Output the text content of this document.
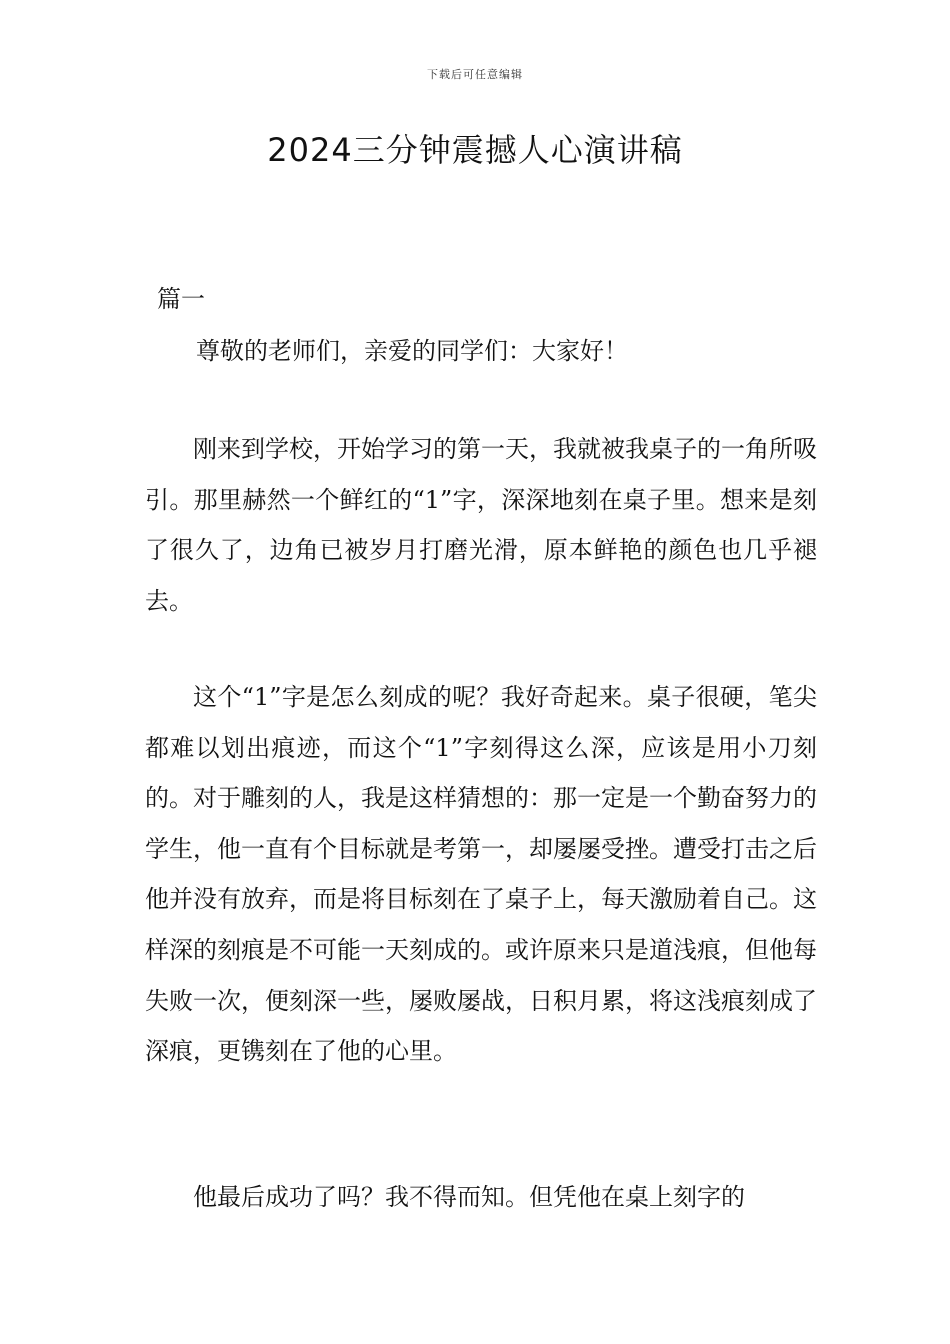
下载后可任意编辑
2024三分钟震撼人心演讲稿
篇一
尊敬的老师们，亲爱的同学们：大家好！

刚来到学校，开始学习的第一天，我就被我桌子的一角所吸引。那里赫然一个鲜红的“1”字，深深地刻在桌子里。想来是刻了很久了，边角已被岁月打磨光滑，原本鲜艳的颜色也几乎褪去。

这个“1”字是怎么刻成的呢？我好奇起来。桌子很硬，笔尖都难以划出痕迹，而这个“1”字刻得这么深，应该是用小刀刻的。对于雕刻的人，我是这样猜想的：那一定是一个勤奋努力的学生，他一直有个目标就是考第一，却屡屡受挫。遭受打击之后他并没有放弃，而是将目标刻在了桌子上，每天激励着自己。这样深的刻痕是不可能一天刻成的。或许原来只是道浅痕，但他每失败一次，便刻深一些，屡败屡战，日积月累，将这浅痕刻成了深痕，更镌刻在了他的心里。

他最后成功了吗？我不得而知。但凭他在桌上刻字的
